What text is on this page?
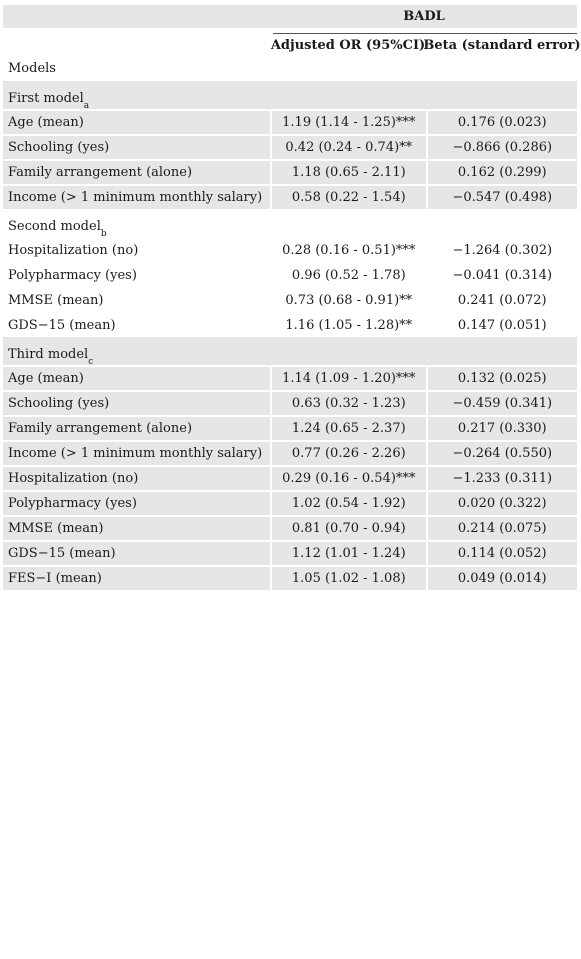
BADL
Adjusted OR (95%CI)
Beta (standard error)
Models
First model a
Age (mean)	1.19 (1.14 - 1.25)***	0.176 (0.023)
Schooling (yes)	0.42 (0.24 - 0.74)**	−0.866 (0.286)
Family arrangement (alone)	1.18 (0.65 - 2.11)	0.162 (0.299)
Income (> 1 minimum monthly salary)	0.58 (0.22 - 1.54)	−0.547 (0.498)
Second model b
Hospitalization (no)	0.28 (0.16 - 0.51)***	−1.264 (0.302)
Polypharmacy (yes)	0.96 (0.52 - 1.78)	−0.041 (0.314)
MMSE (mean)	0.73 (0.68 - 0.91)**	0.241 (0.072)
GDS−15 (mean)	1.16 (1.05 - 1.28)**	0.147 (0.051)
Third model c
Age (mean)	1.14 (1.09 - 1.20)***	0.132 (0.025)
Schooling (yes)	0.63 (0.32 - 1.23)	−0.459 (0.341)
Family arrangement (alone)	1.24 (0.65 - 2.37)	0.217 (0.330)
Income (> 1 minimum monthly salary)	0.77 (0.26 - 2.26)	−0.264 (0.550)
Hospitalization (no)	0.29 (0.16 - 0.54)***	−1.233 (0.311)
Polypharmacy (yes)	1.02 (0.54 - 1.92)	0.020 (0.322)
MMSE (mean)	0.81 (0.70 - 0.94)	0.214 (0.075)
GDS−15 (mean)	1.12 (1.01 - 1.24)	0.114 (0.052)
FES−I (mean)	1.05 (1.02 - 1.08)	0.049 (0.014)
